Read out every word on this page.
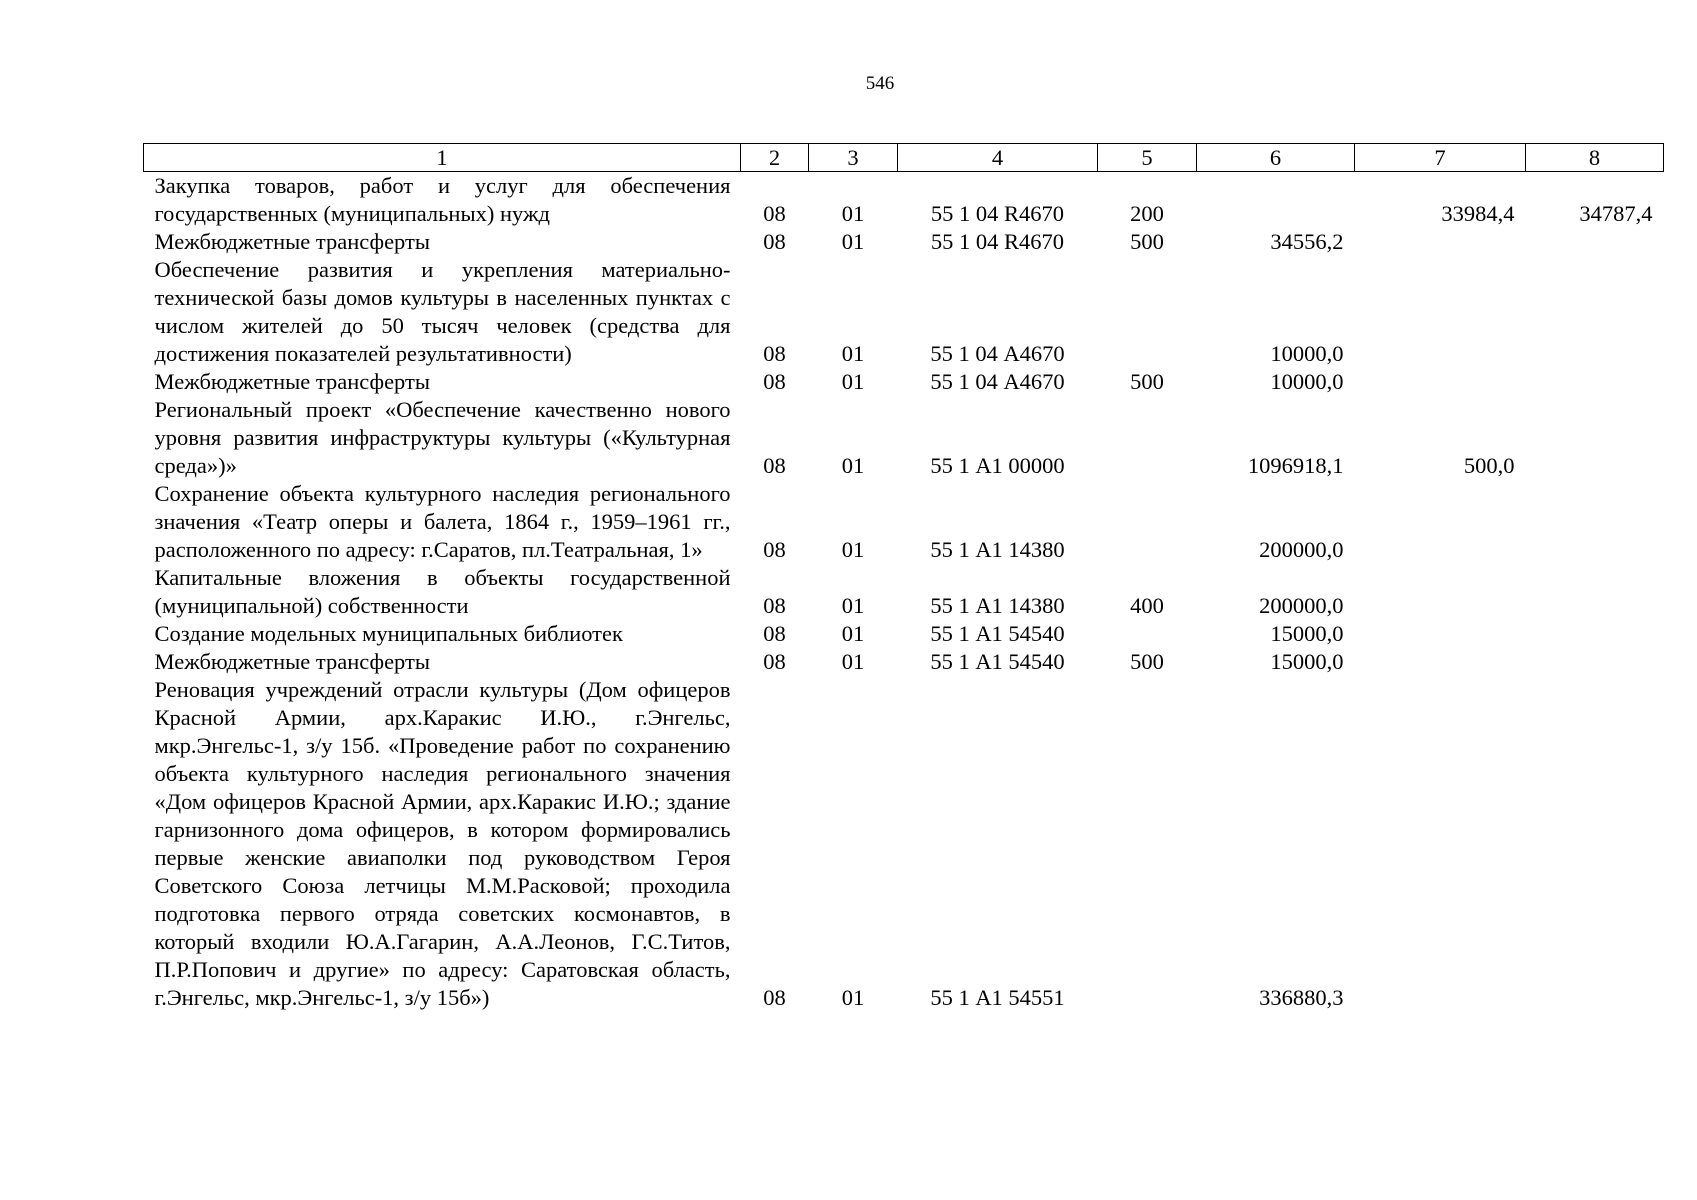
546
1	2	3	4	5	6	7	8
Закупка товаров, работ и услуг для обеспечения государственных (муниципальных) нужд	08	01	55 1 04 R4670	200		33984,4	34787,4
Межбюджетные трансферты	08	01	55 1 04 R4670	500	34556,2		
Обеспечение развития и укрепления материально-технической базы домов культуры в населенных пунктах с числом жителей до 50 тысяч человек (средства для достижения показателей результативности)	08	01	55 1 04 А4670		10000,0		
Межбюджетные трансферты	08	01	55 1 04 А4670	500	10000,0		
Региональный проект «Обеспечение качественно нового уровня развития инфраструктуры культуры («Культурная среда»)»	08	01	55 1 А1 00000		1096918,1	500,0	
Сохранение объекта культурного наследия регионального значения «Театр оперы и балета, 1864 г., 1959–1961 гг., расположенного по адресу: г.Саратов, пл.Театральная, 1»	08	01	55 1 А1 14380		200000,0		
Капитальные вложения в объекты государственной (муниципальной) собственности	08	01	55 1 А1 14380	400	200000,0		
Создание модельных муниципальных библиотек	08	01	55 1 А1 54540		15000,0		
Межбюджетные трансферты	08	01	55 1 А1 54540	500	15000,0		
Реновация учреждений отрасли культуры (Дом офицеров Красной Армии, арх.Каракис И.Ю., г.Энгельс, мкр.Энгельс-1, з/у 15б. «Проведение работ по сохранению объекта культурного наследия регионального значения «Дом офицеров Красной Армии, арх.Каракис И.Ю.; здание гарнизонного дома офицеров, в котором формировались первые женские авиаполки под руководством Героя Советского Союза летчицы М.М.Расковой; проходила подготовка первого отряда советских космонавтов, в который входили Ю.А.Гагарин, А.А.Леонов, Г.С.Титов, П.Р.Попович и другие» по адресу: Саратовская область, г.Энгельс, мкр.Энгельс-1, з/у 15б»)	08	01	55 1 А1 54551		336880,3		
